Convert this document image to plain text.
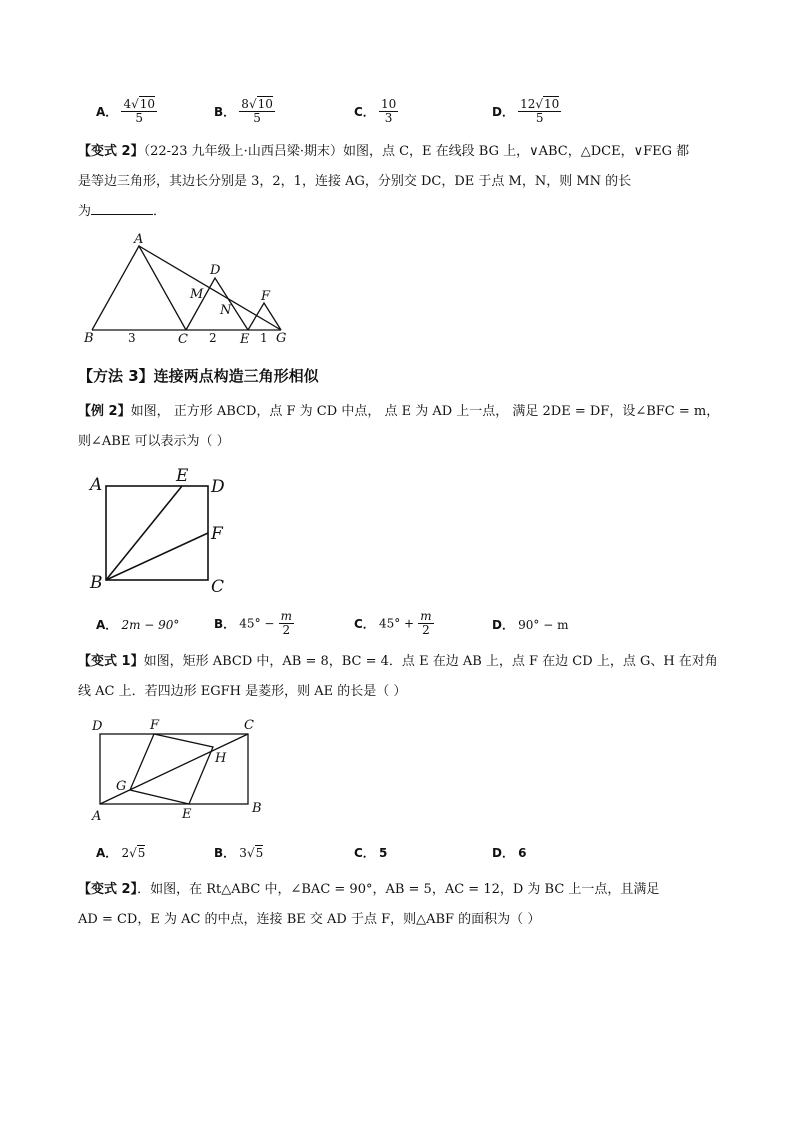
A． $\frac{4√10}{5}$	B． $\frac{8√10}{5}$	C． $\frac{10}{3}$	D． $\frac{12√10}{5}$
【变式 2】（22-23 九年级上·山西吕梁·期末）如图，点 C，E 在线段 BG 上，∨ABC，△DCE，∨FEG 都
是等边三角形，其边长分别是 3，2，1，连接 AG，分别交 DC，DE 于点 M，N，则 MN 的长
为	．
A
B	C
D
M
N
E
F
G
3	2	1
【方法 3】连接两点构造三角形相似
【例 2】如图， 正方形 ABCD，点 F 为 CD 中点， 点 E 为 AD 上一点， 满足 2DE = DF，设∠BFC = m，
则∠ABE 可以表示为（ ）
A	E
D
F
B	C
A． 2m − 90°	B． $45^\circ - \frac{m}{2}$	C． $45^\circ + \frac{m}{2}$	D． 90° − m
【变式 1】如图，矩形 ABCD 中，AB = 8，BC = 4．点 E 在边 AB 上，点 F 在边 CD 上，点 G、H 在对角
线 AC 上．若四边形 EGFH 是菱形，则 AE 的长是（ ）
D	F	C
H
G
A	E	B
A． 2√5	B． 3√5	C． 5	D． 6
【变式 2】．如图，在 Rt△ABC 中，∠BAC = 90°，AB = 5，AC = 12，D 为 BC 上一点，且满足
AD = CD，E 为 AC 的中点，连接 BE 交 AD 于点 F，则△ABF 的面积为（ ）
